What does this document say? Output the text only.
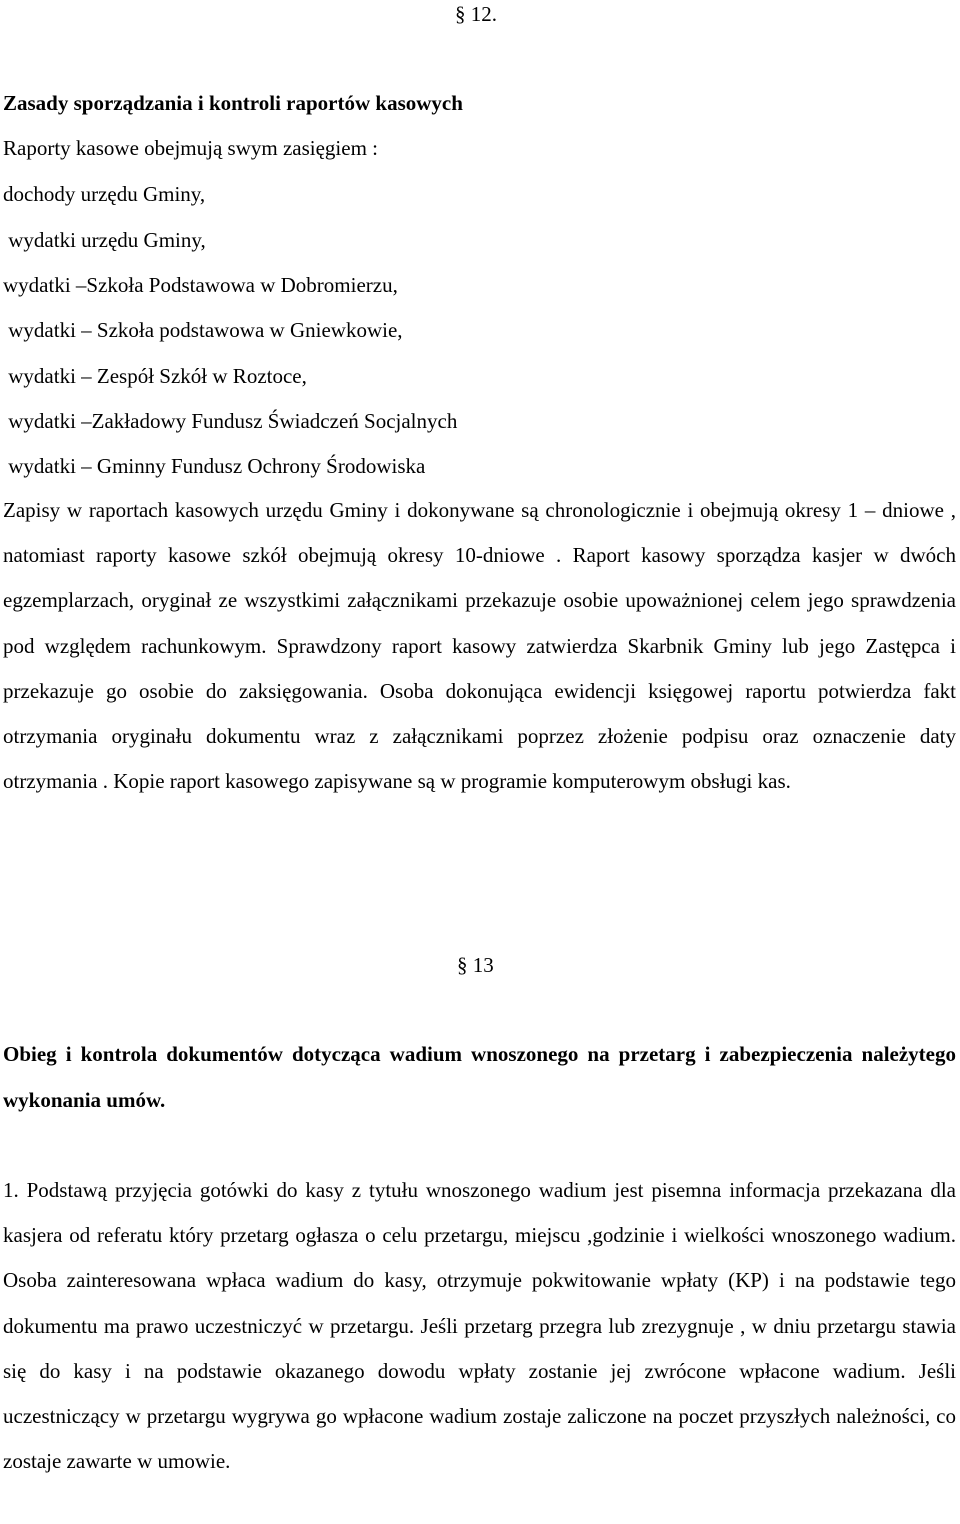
§ 12.
Zasady sporządzania i kontroli raportów kasowych
Raporty kasowe obejmują swym zasięgiem :
dochody urzędu Gminy,
wydatki urzędu Gminy,
wydatki –Szkoła Podstawowa w Dobromierzu,
wydatki – Szkoła podstawowa w Gniewkowie,
wydatki – Zespół Szkół w Roztoce,
wydatki –Zakładowy Fundusz Świadczeń Socjalnych
wydatki – Gminny Fundusz Ochrony Środowiska
Zapisy w raportach kasowych urzędu Gminy i dokonywane są chronologicznie i obejmują okresy 1 – dniowe , natomiast raporty kasowe szkół obejmują okresy 10-dniowe . Raport kasowy sporządza kasjer w dwóch egzemplarzach, oryginał ze wszystkimi załącznikami przekazuje osobie upoważnionej celem jego sprawdzenia pod względem rachunkowym. Sprawdzony raport kasowy zatwierdza Skarbnik Gminy lub jego Zastępca i przekazuje go osobie do zaksięgowania. Osoba dokonująca ewidencji księgowej raportu potwierdza fakt otrzymania oryginału dokumentu wraz z załącznikami poprzez złożenie podpisu oraz oznaczenie daty otrzymania . Kopie raport kasowego zapisywane są w programie komputerowym obsługi kas.
§ 13
Obieg i kontrola dokumentów dotycząca wadium wnoszonego na przetarg i zabezpieczenia należytego wykonania umów.
1. Podstawą przyjęcia gotówki do kasy z tytułu wnoszonego wadium jest pisemna informacja przekazana dla kasjera od referatu który przetarg ogłasza o celu przetargu, miejscu ,godzinie i wielkości wnoszonego wadium. Osoba zainteresowana wpłaca wadium do kasy, otrzymuje pokwitowanie wpłaty (KP) i na podstawie tego dokumentu ma prawo uczestniczyć w przetargu. Jeśli przetarg przegra lub zrezygnuje , w dniu przetargu stawia się do kasy i na podstawie okazanego dowodu wpłaty zostanie jej zwrócone wpłacone wadium. Jeśli uczestniczący w przetargu wygrywa go wpłacone wadium zostaje zaliczone na poczet przyszłych należności, co zostaje zawarte w umowie.
